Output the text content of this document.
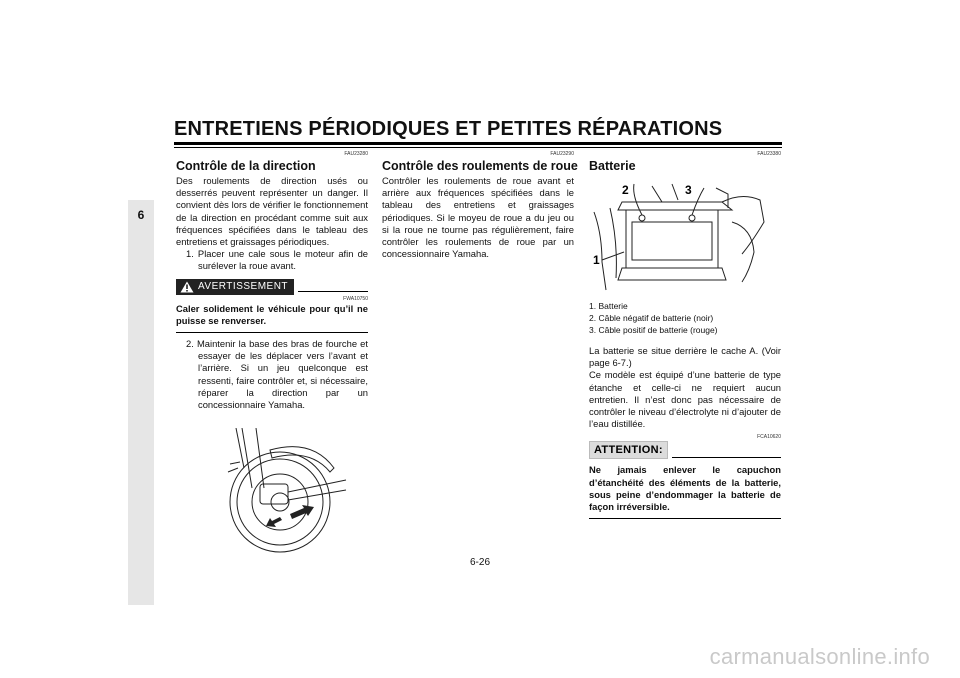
ENTRETIENS PÉRIODIQUES ET PETITES RÉPARATIONS
6
FAU23280
Contrôle de la direction

Des roulements de direction usés ou desserrés peuvent représenter un danger. Il convient dès lors de vérifier le fonctionnement de la direction en procédant comme suit aux fréquences spécifiées dans le tableau des entretiens et graissages périodiques.

1. Placer une cale sous le moteur afin de surélever la roue avant.

AVERTISSEMENT
FWA10750

Caler solidement le véhicule pour qu’il ne puisse se renverser.

2. Maintenir la base des bras de fourche et essayer de les déplacer vers l’avant et l’arrière. Si un jeu quelconque est ressenti, faire contrôler et, si nécessaire, réparer la direction par un concessionnaire Yamaha.

FAU23290
Contrôle des roulements de roue

Contrôler les roulements de roue avant et arrière aux fréquences spécifiées dans le tableau des entretiens et graissages périodiques. Si le moyeu de roue a du jeu ou si la roue ne tourne pas régulièrement, faire contrôler les roulements de roue par un concessionnaire Yamaha.

FAU23380
Batterie
2	3
1
1. Batterie
2. Câble négatif de batterie (noir)
3. Câble positif de batterie (rouge)

La batterie se situe derrière le cache A. (Voir page 6-7.)

Ce modèle est équipé d’une batterie de type étanche et celle-ci ne requiert aucun entretien. Il n’est donc pas nécessaire de contrôler le niveau d’électrolyte ni d’ajouter de l’eau distillée.

FCA10620
ATTENTION:

Ne jamais enlever le capuchon d’étanchéité des éléments de la batterie, sous peine d’endommager la batterie de façon irréversible.

6-26
carmanualsonline.info
